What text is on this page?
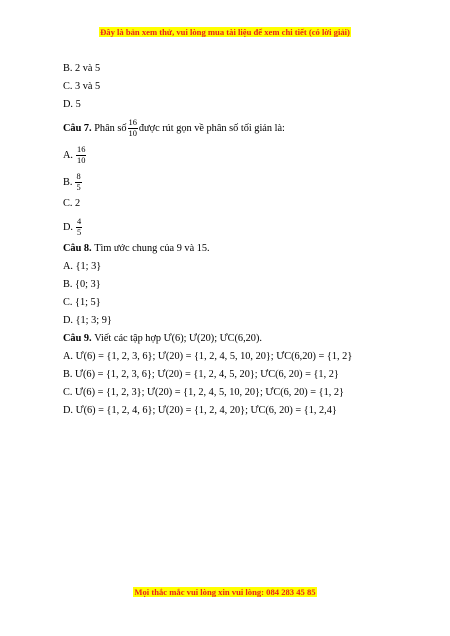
Đây là bản xem thử, vui lòng mua tài liệu để xem chi tiết (có lời giải)
B. 2 và 5
C. 3 và 5
D. 5
Câu 7.
Phân số $\frac{16}{10}$ được rút gọn về phân số tối giản là:
A. $\frac{16}{10}$
B. $\frac{8}{5}$
C. 2
D. $\frac{4}{5}$
Câu 8. Tìm ước chung của 9 và 15.
A. {1; 3}
B. {0; 3}
C. {1; 5}
D. {1; 3; 9}
Câu 9. Viết các tập hợp Ư(6); Ư(20); ƯC(6,20).
A. Ư(6) = {1, 2, 3, 6}; Ư(20) = {1, 2, 4, 5, 10, 20}; ƯC(6,20) = {1, 2}
B. Ư(6) = {1, 2, 3, 6}; Ư(20) = {1, 2, 4, 5, 20}; ƯC(6, 20) = {1, 2}
C. Ư(6) = {1, 2, 3}; Ư(20) = {1, 2, 4, 5, 10, 20}; ƯC(6, 20) = {1, 2}
D. Ư(6) = {1, 2, 4, 6}; Ư(20) = {1, 2, 4, 20}; ƯC(6, 20) = {1, 2,4}
Mọi thắc mắc vui lòng xin vui lòng: 084 283 45 85
